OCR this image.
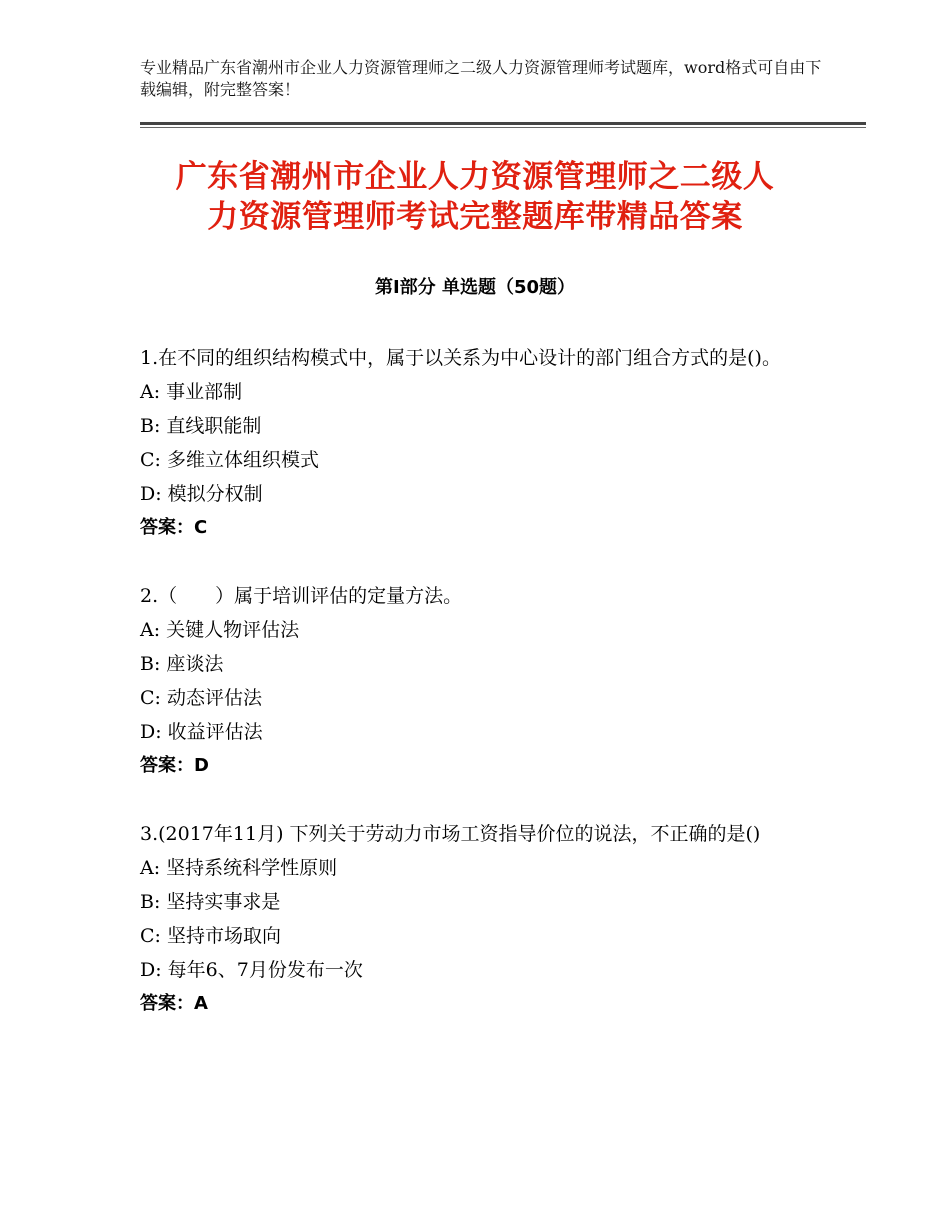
专业精品广东省潮州市企业人力资源管理师之二级人力资源管理师考试题库，word格式可自由下载编辑，附完整答案！
广东省潮州市企业人力资源管理师之二级人
力资源管理师考试完整题库带精品答案
第Ⅰ部分 单选题（50题）
1.在不同的组织结构模式中，属于以关系为中心设计的部门组合方式的是()。
A: 事业部制
B: 直线职能制
C: 多维立体组织模式
D: 模拟分权制
答案：C
2.（　　）属于培训评估的定量方法。
A: 关键人物评估法
B: 座谈法
C: 动态评估法
D: 收益评估法
答案：D
3.(2017年11月) 下列关于劳动力市场工资指导价位的说法，不正确的是()
A: 坚持系统科学性原则
B: 坚持实事求是
C: 坚持市场取向
D: 每年6、7月份发布一次
答案：A
